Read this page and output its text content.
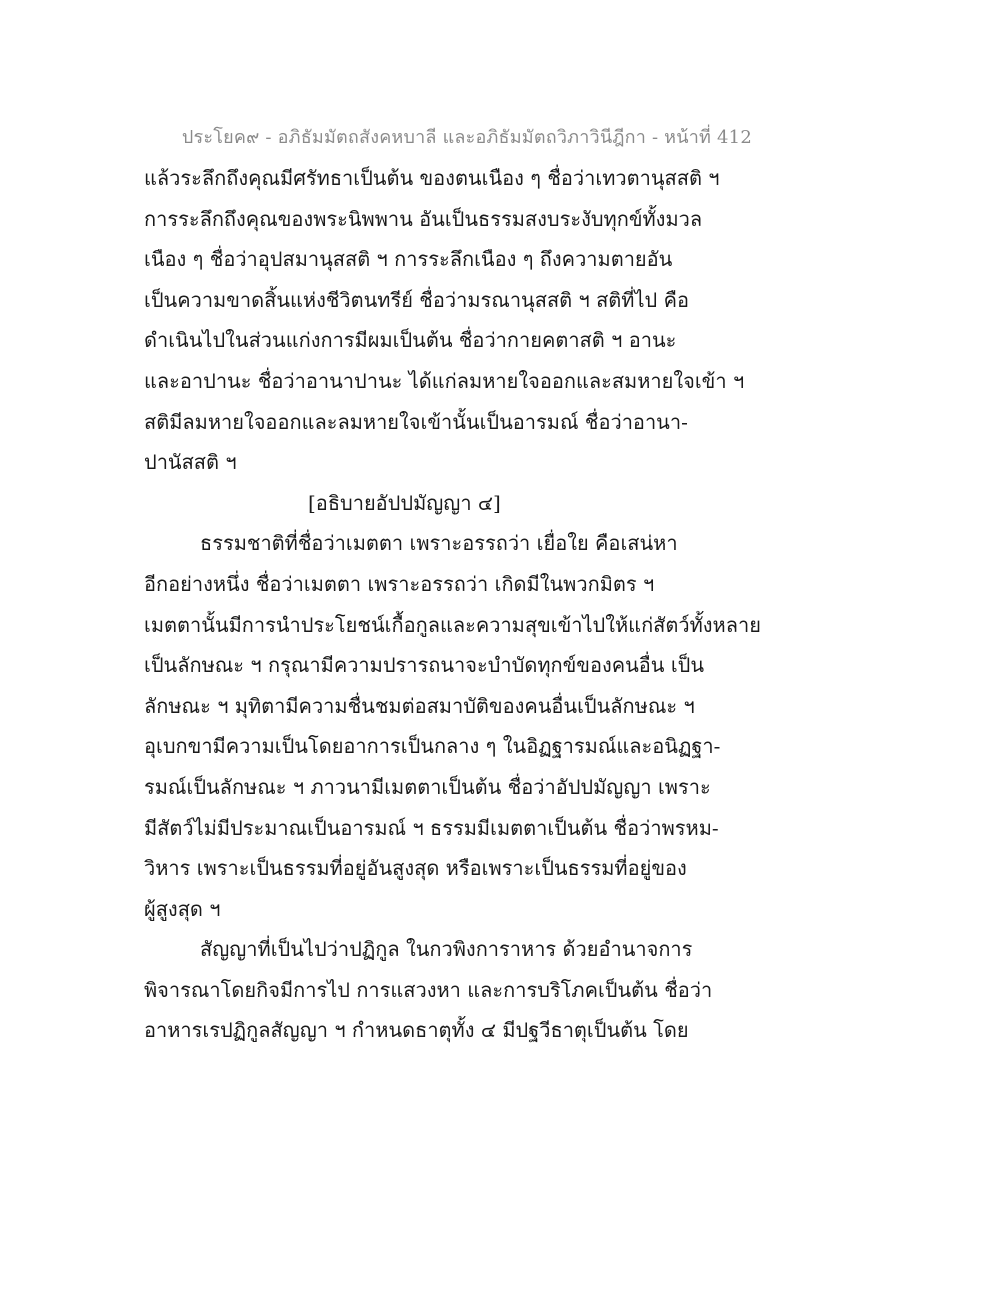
ประโยค๙ - อภิธัมมัตถสังคหบาลี และอภิธัมมัตถวิภาวินีฎีกา - หน้าที่ 412
แล้วระลึกถึงคุณมีศรัทธาเป็นต้น ของตนเนือง ๆ ชื่อว่าเทวตานุสสติ ฯ
การระลึกถึงคุณของพระนิพพาน อันเป็นธรรมสงบระงับทุกข์ทั้งมวล
เนือง ๆ ชื่อว่าอุปสมานุสสติ ฯ การระลึกเนือง ๆ ถึงความตายอัน
เป็นความขาดสิ้นแห่งชีวิตนทรีย์ ชื่อว่ามรณานุสสติ ฯ สติที่ไป คือ
ดำเนินไปในส่วนแก่งการมีผมเป็นต้น ชื่อว่ากายคตาสติ ฯ อานะ
และอาปานะ ชื่อว่าอานาปานะ ได้แก่ลมหายใจออกและสมหายใจเข้า ฯ
สติมีลมหายใจออกและลมหายใจเข้านั้นเป็นอารมณ์ ชื่อว่าอานา-
ปานัสสติ ฯ
[อธิบายอัปปมัญญา ๔]
ธรรมชาติที่ชื่อว่าเมตตา เพราะอรรถว่า เยื่อใย คือเสน่หา
อีกอย่างหนึ่ง ชื่อว่าเมตตา เพราะอรรถว่า เกิดมีในพวกมิตร ฯ
เมตตานั้นมีการนำประโยชน์เกื้อกูลและความสุขเข้าไปให้แก่สัตว์ทั้งหลาย
เป็นลักษณะ ฯ กรุณามีความปรารถนาจะบำบัดทุกข์ของคนอื่น เป็น
ลักษณะ ฯ มุทิตามีความชื่นชมต่อสมาบัติของคนอื่นเป็นลักษณะ ฯ
อุเบกขามีความเป็นโดยอาการเป็นกลาง ๆ ในอิฏฐารมณ์และอนิฏฐา-
รมณ์เป็นลักษณะ ฯ ภาวนามีเมตตาเป็นต้น ชื่อว่าอัปปมัญญา เพราะ
มีสัตว์ไม่มีประมาณเป็นอารมณ์ ฯ ธรรมมีเมตตาเป็นต้น ชื่อว่าพรหม-
วิหาร เพราะเป็นธรรมที่อยู่อันสูงสุด หรือเพราะเป็นธรรมที่อยู่ของ
ผู้สูงสุด ฯ
สัญญาที่เป็นไปว่าปฏิกูล ในกวพิงการาหาร ด้วยอำนาจการ
พิจารณาโดยกิจมีการไป การแสวงหา และการบริโภคเป็นต้น ชื่อว่า
อาหารเรปฏิกูลสัญญา ฯ กำหนดธาตุทั้ง ๔ มีปฐวีธาตุเป็นต้น โดย
